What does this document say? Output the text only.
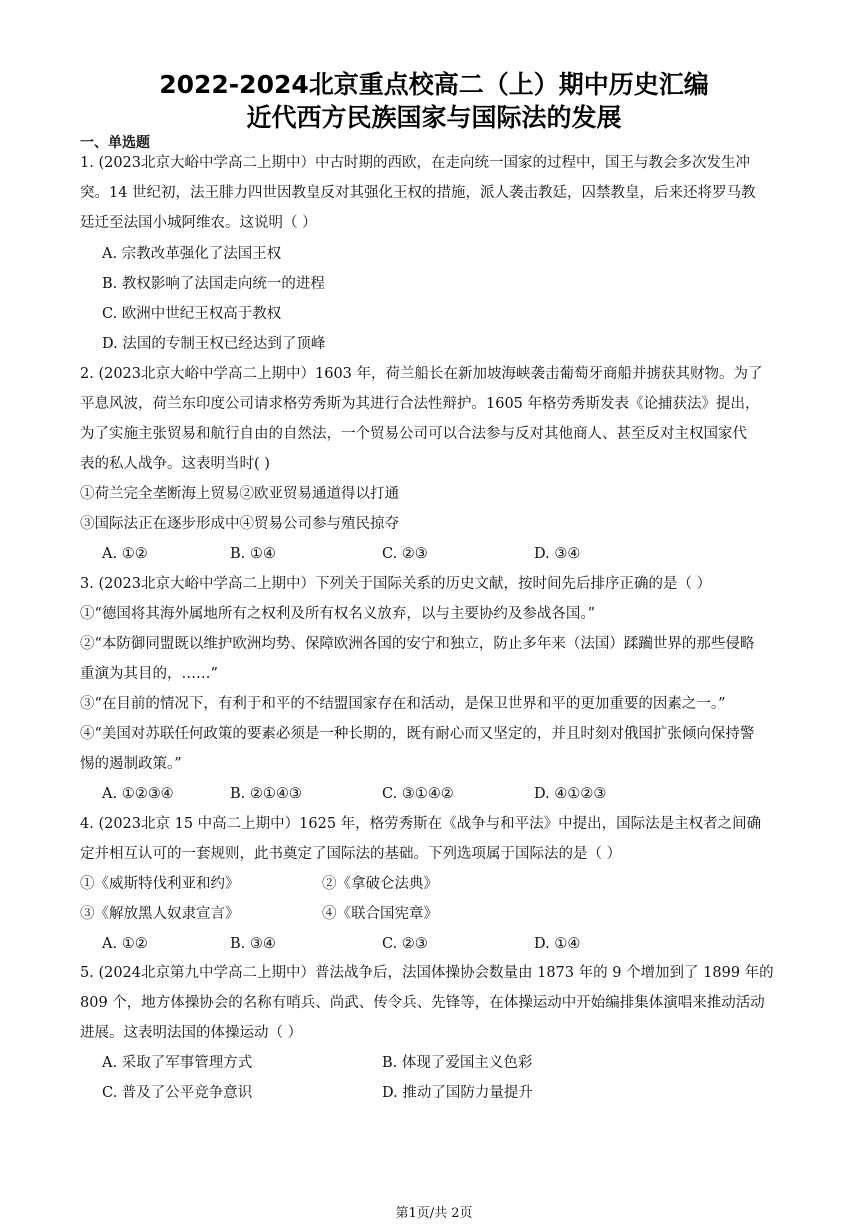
2022-2024北京重点校高二（上）期中历史汇编
近代西方民族国家与国际法的发展
一、单选题
1. (2023北京大峪中学高二上期中）中古时期的西欧，在走向统一国家的过程中，国王与教会多次发生冲
突。14 世纪初，法王腓力四世因教皇反对其强化王权的措施，派人袭击教廷，囚禁教皇，后来还将罗马教
廷迁至法国小城阿维农。这说明（ ）
A. 宗教改革强化了法国王权
B. 教权影响了法国走向统一的进程
C. 欧洲中世纪王权高于教权
D. 法国的专制王权已经达到了顶峰
2. (2023北京大峪中学高二上期中）1603 年，荷兰船长在新加坡海峡袭击葡萄牙商船并掳获其财物。为了
平息风波，荷兰东印度公司请求格劳秀斯为其进行合法性辩护。1605 年格劳秀斯发表《论捕获法》提出，
为了实施主张贸易和航行自由的自然法，一个贸易公司可以合法参与反对其他商人、甚至反对主权国家代
表的私人战争。这表明当时( )
①荷兰完全垄断海上贸易②欧亚贸易通道得以打通
③国际法正在逐步形成中④贸易公司参与殖民掠夺
A. ①②	B. ①④	C. ②③	D. ③④
3. (2023北京大峪中学高二上期中）下列关于国际关系的历史文献，按时间先后排序正确的是（ ）
①“德国将其海外属地所有之权利及所有权名义放弃，以与主要协约及参战各国。”
②“本防御同盟既以维护欧洲均势、保障欧洲各国的安宁和独立，防止多年来（法国）蹂躏世界的那些侵略
重演为其目的，……”
③“在目前的情况下，有利于和平的不结盟国家存在和活动，是保卫世界和平的更加重要的因素之一。”
④“美国对苏联任何政策的要素必须是一种长期的，既有耐心而又坚定的，并且时刻对俄国扩张倾向保持警
惕的遏制政策。”
A. ①②③④	B. ②①④③	C. ③①④②	D. ④①②③
4. (2023北京 15 中高二上期中）1625 年，格劳秀斯在《战争与和平法》中提出，国际法是主权者之间确
定并相互认可的一套规则，此书奠定了国际法的基础。下列选项属于国际法的是（ ）
①《威斯特伐利亚和约》	②《拿破仑法典》
③《解放黑人奴隶宣言》	④《联合国宪章》
A. ①②	B. ③④	C. ②③	D. ①④
5. (2024北京第九中学高二上期中）普法战争后，法国体操协会数量由 1873 年的 9 个增加到了 1899 年的
809 个，地方体操协会的名称有哨兵、尚武、传令兵、先锋等，在体操运动中开始编排集体演唱来推动活动
进展。这表明法国的体操运动（ ）
A. 采取了军事管理方式	B. 体现了爱国主义色彩
C. 普及了公平竞争意识	D. 推动了国防力量提升
第1页/共 2页
